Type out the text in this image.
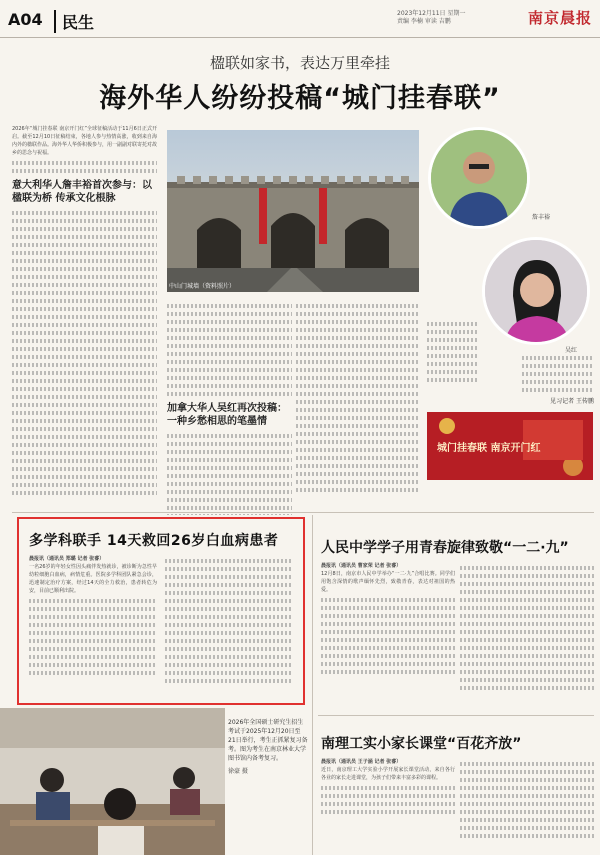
A04	民生	2023年12月11日 星期一
责编 李楠 审读 吉鹏	南京晨报
楹联如家书，表达万里牵挂
海外华人纷纷投稿“城门挂春联”

2026年“城门挂春联 南京开门红”全球征稿活动于11月6日正式开启。截至12月10日征稿结束，各地人参与热情高涨，收到来自海内外的楹联作品。海外华人华侨积极参与，用一副副对联寄托对故乡的思念与祝福。

意大利华人詹丰裕首次参与：以楹联为桥 传承文化根脉
中山门城墙（资料照片）
加拿大华人吴红再次投稿：一种乡愁相思的笔墨情
詹丰裕
吴红
见习记者 王传鹏
城门挂春联 南京开门红
多学科联手 14天救回26岁白血病患者

晨报讯（通讯员 郑璐 记者 张睿）

一名26岁的年轻女性因头痛伴发热就诊，被诊断为急性早幼粒细胞白血病，病情危重。医院多学科团队紧急会诊，迅速制定治疗方案，经过14天的全力救治，患者转危为安，目前已顺利出院。

人民中学学子用青春旋律致敬“一二·九”

晨报讯（通讯员 曹家荣 记者 张睿）

12月8日，南京市人民中学举办“一二·九”合唱比赛。同学们用饱含深情的歌声缅怀先烈，致敬青春，表达对祖国的热爱。

南理工实小家长课堂“百花齐放”

晨报讯（通讯员 王子涵 记者 张睿）

近日，南京理工大学实验小学开展家长课堂活动，来自各行各业的家长走进课堂，为孩子们带来丰富多彩的课程。

2026年全国硕士研究生招生考试于2025年12月20日至21日举行，考生正抓紧复习备考。图为考生在南京林业大学图书馆内备考复习。

徐豪 摄
